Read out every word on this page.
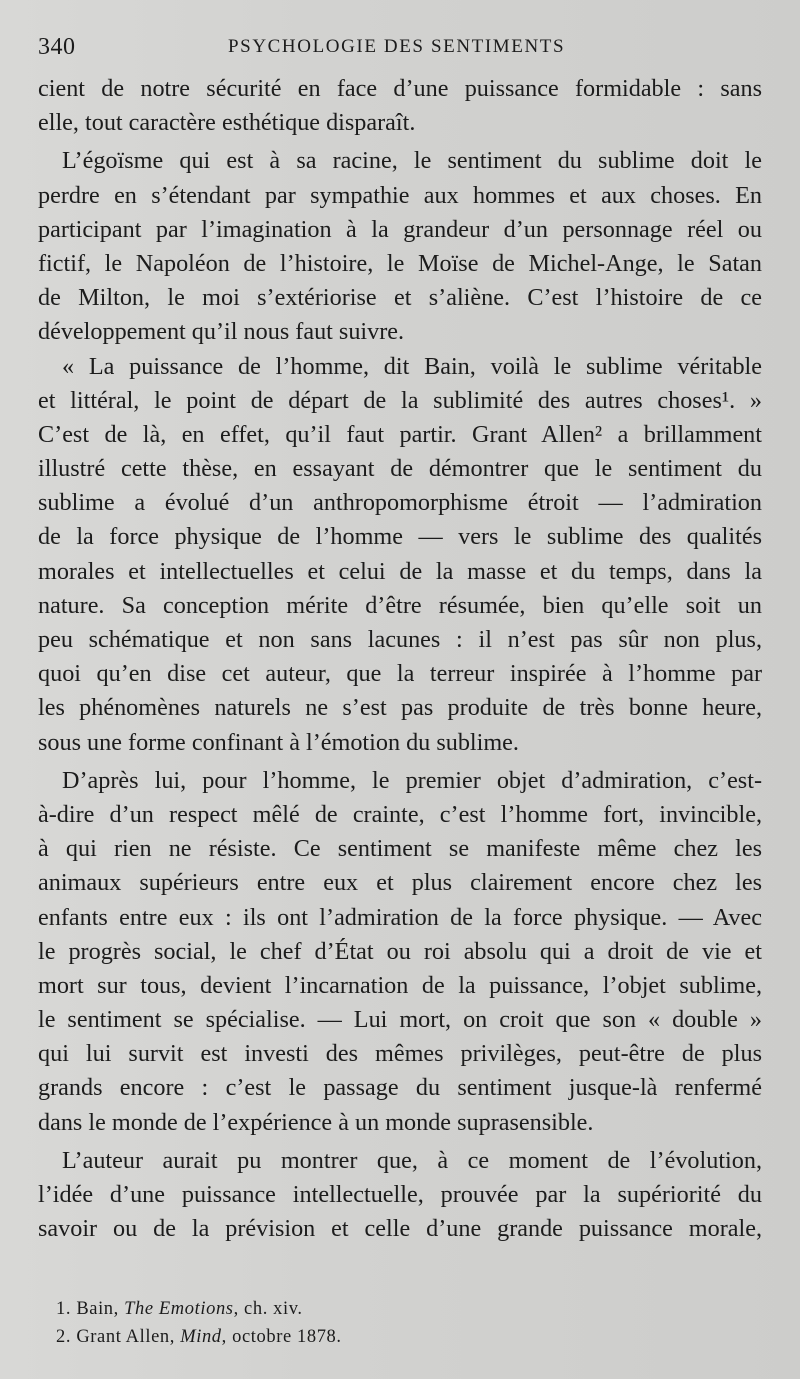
340	PSYCHOLOGIE DES SENTIMENTS
cient de notre sécurité en face d’une puissance formidable : sans
elle, tout caractère esthétique disparaît.
L’égoïsme qui est à sa racine, le sentiment du sublime doit le
perdre en s’étendant par sympathie aux hommes et aux choses. En
participant par l’imagination à la grandeur d’un personnage réel ou
fictif, le Napoléon de l’histoire, le Moïse de Michel-Ange, le Satan
de Milton, le moi s’extériorise et s’aliène. C’est l’histoire de ce
développement qu’il nous faut suivre.
« La puissance de l’homme, dit Bain, voilà le sublime véritable
et littéral, le point de départ de la sublimité des autres choses¹. »
C’est de là, en effet, qu’il faut partir. Grant Allen² a brillamment
illustré cette thèse, en essayant de démontrer que le sentiment du
sublime a évolué d’un anthropomorphisme étroit — l’admiration
de la force physique de l’homme — vers le sublime des qualités
morales et intellectuelles et celui de la masse et du temps, dans la
nature. Sa conception mérite d’être résumée, bien qu’elle soit un
peu schématique et non sans lacunes : il n’est pas sûr non plus,
quoi qu’en dise cet auteur, que la terreur inspirée à l’homme par
les phénomènes naturels ne s’est pas produite de très bonne heure,
sous une forme confinant à l’émotion du sublime.
D’après lui, pour l’homme, le premier objet d’admiration, c’est-
à-dire d’un respect mêlé de crainte, c’est l’homme fort, invincible,
à qui rien ne résiste. Ce sentiment se manifeste même chez les
animaux supérieurs entre eux et plus clairement encore chez les
enfants entre eux : ils ont l’admiration de la force physique. — Avec
le progrès social, le chef d’État ou roi absolu qui a droit de vie et
mort sur tous, devient l’incarnation de la puissance, l’objet sublime,
le sentiment se spécialise. — Lui mort, on croit que son « double »
qui lui survit est investi des mêmes privilèges, peut-être de plus
grands encore : c’est le passage du sentiment jusque-là renfermé
dans le monde de l’expérience à un monde suprasensible.
L’auteur aurait pu montrer que, à ce moment de l’évolution,
l’idée d’une puissance intellectuelle, prouvée par la supériorité du
savoir ou de la prévision et celle d’une grande puissance morale,
1. Bain, The Emotions, ch. xiv.
2. Grant Allen, Mind, octobre 1878.
